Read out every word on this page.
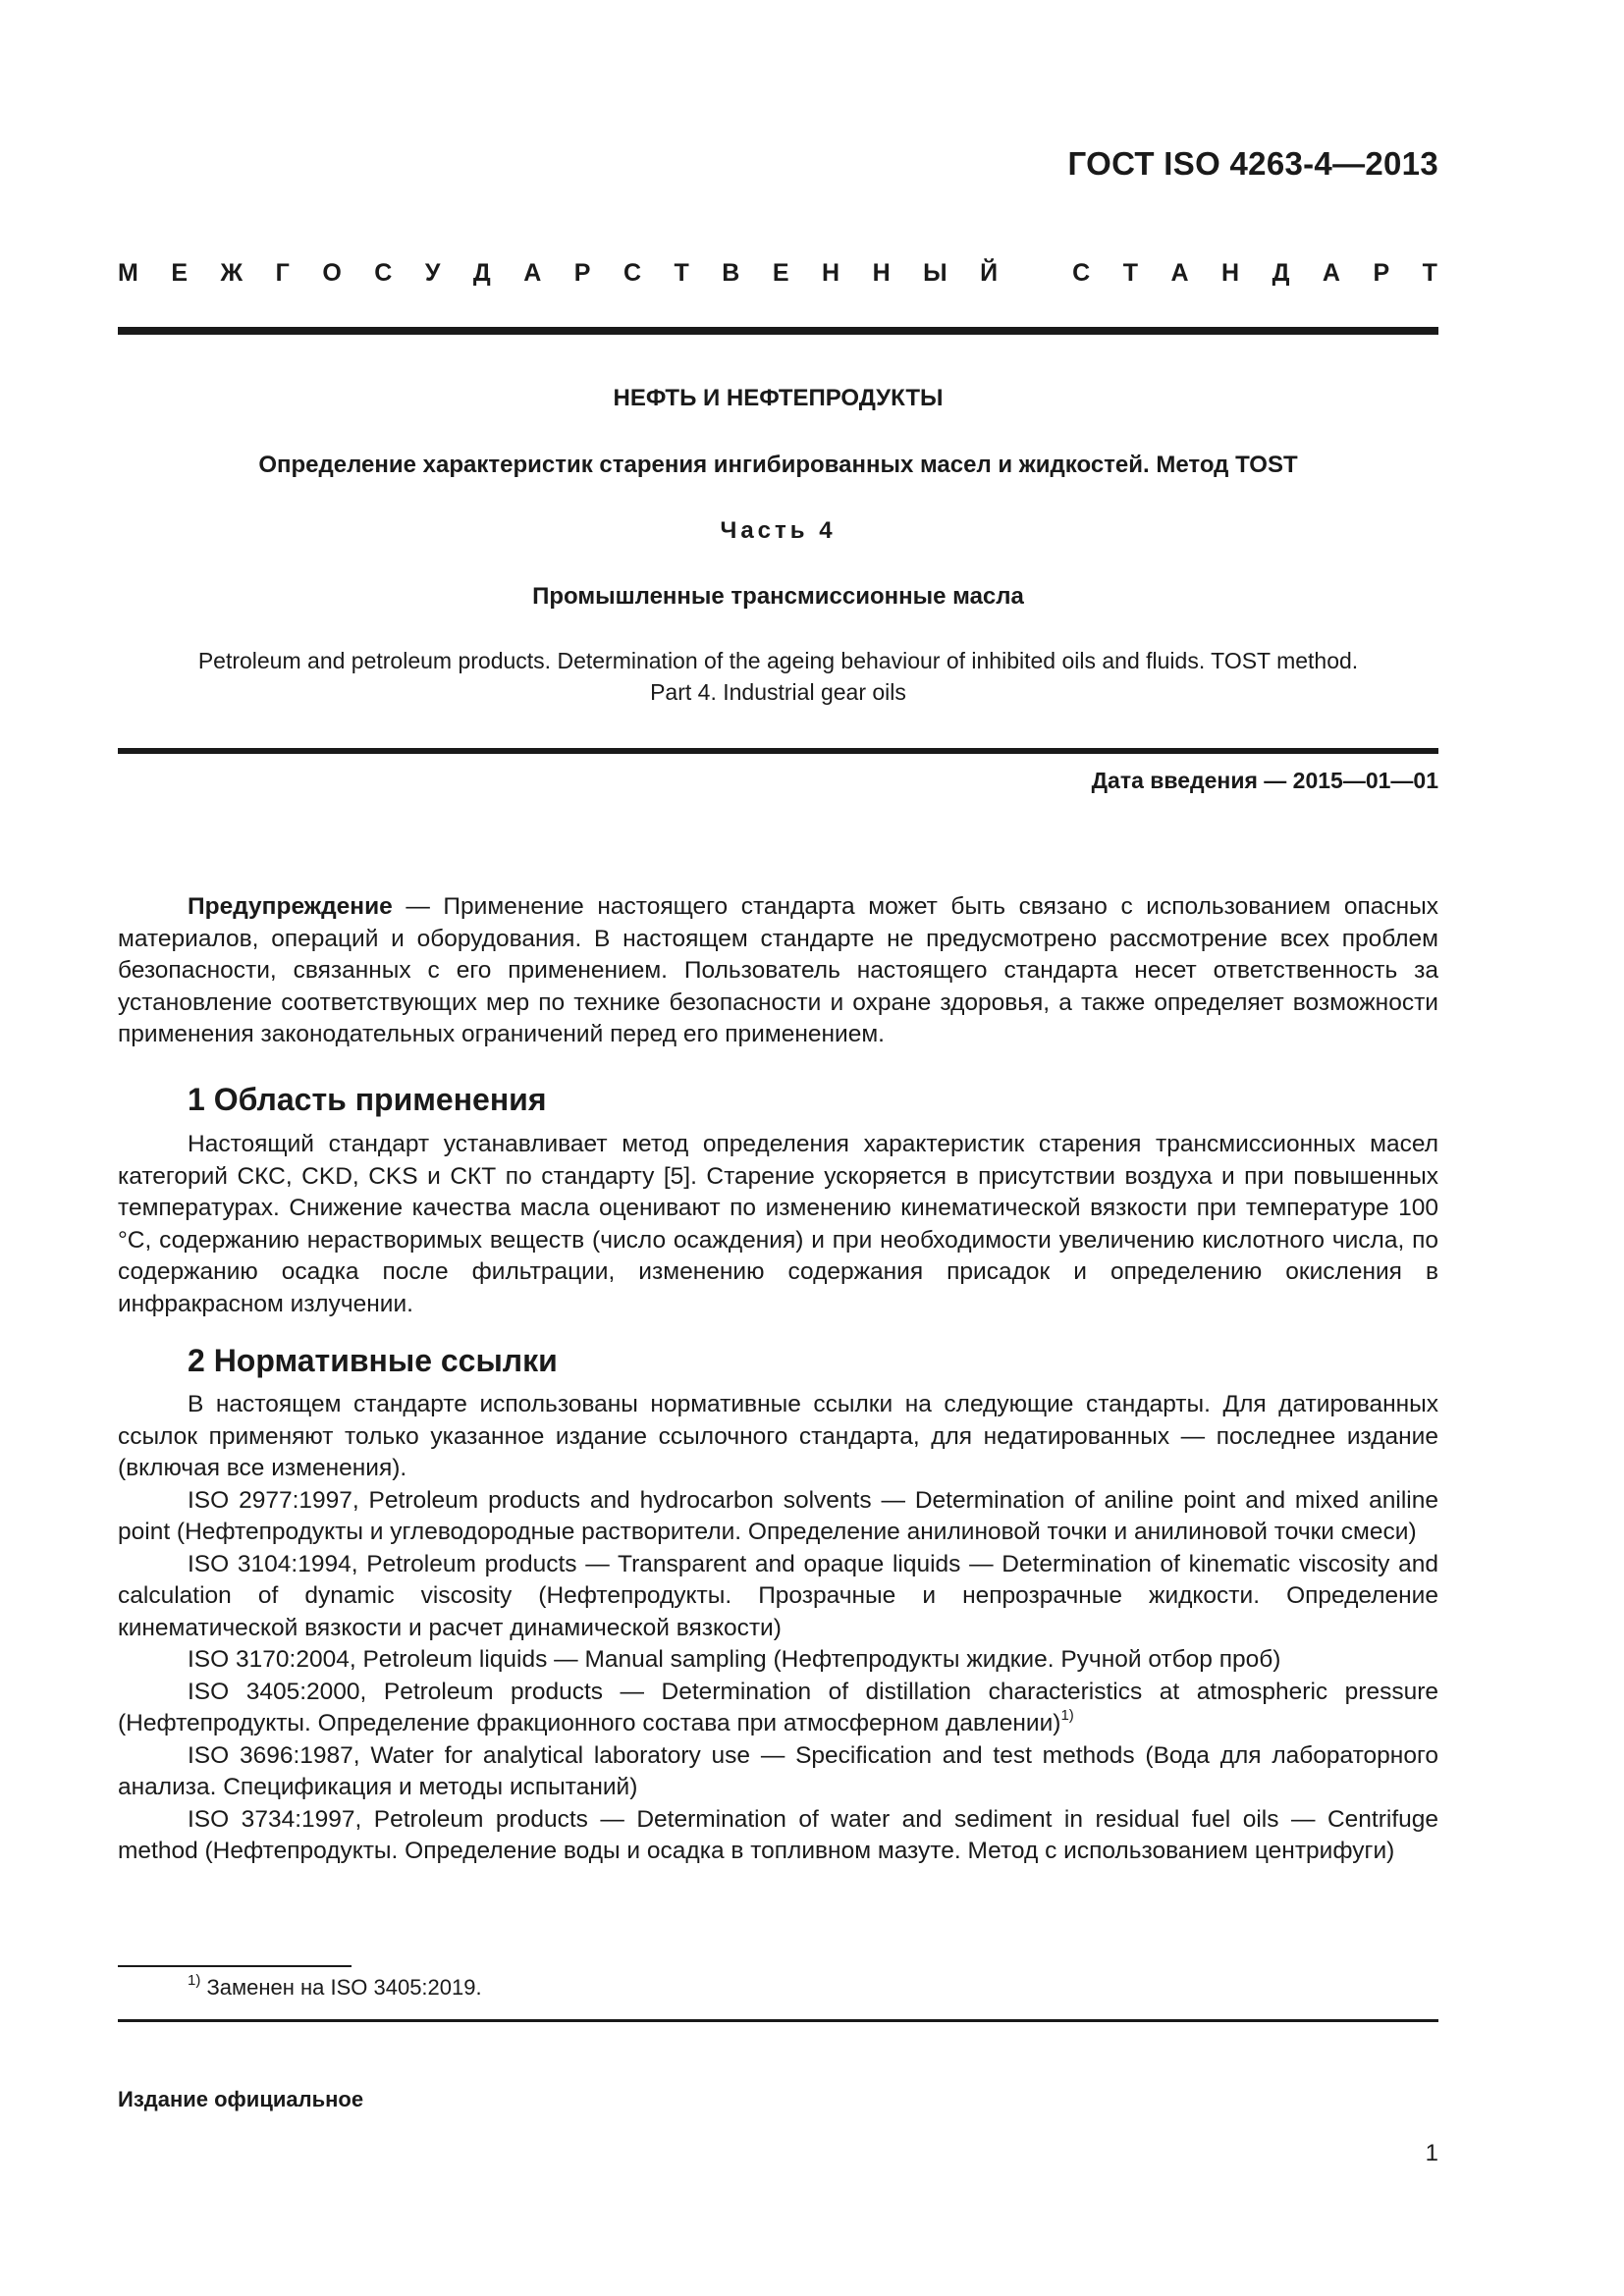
ГОСТ ISO 4263-4—2013
М Е Ж Г О С У Д А Р С Т В Е Н Н Ы Й	С Т А Н Д А Р Т
НЕФТЬ И НЕФТЕПРОДУКТЫ
Определение характеристик старения ингибированных масел и жидкостей. Метод TOST
Часть 4
Промышленные трансмиссионные масла
Petroleum and petroleum products. Determination of the ageing behaviour of inhibited oils and fluids. TOST method.
Part 4. Industrial gear oils
Дата введения — 2015—01—01

Предупреждение — Применение настоящего стандарта может быть связано с использованием опасных материалов, операций и оборудования. В настоящем стандарте не предусмотрено рассмотрение всех проблем безопасности, связанных с его применением. Пользователь настоящего стандарта несет ответственность за установление соответствующих мер по технике безопасности и охране здоровья, а также определяет возможности применения законодательных ограничений перед его применением.

1 Область применения

Настоящий стандарт устанавливает метод определения характеристик старения трансмиссионных масел категорий СКС, CKD, CKS и СКТ по стандарту [5]. Старение ускоряется в присутствии воздуха и при повышенных температурах. Снижение качества масла оценивают по изменению кинематической вязкости при температуре 100 °С, содержанию нерастворимых веществ (число осаждения) и при необходимости увеличению кислотного числа, по содержанию осадка после фильтрации, изменению содержания присадок и определению окисления в инфракрасном излучении.

2 Нормативные ссылки

В настоящем стандарте использованы нормативные ссылки на следующие стандарты. Для датированных ссылок применяют только указанное издание ссылочного стандарта, для недатированных — последнее издание (включая все изменения).

ISO 2977:1997, Petroleum products and hydrocarbon solvents — Determination of aniline point and mixed aniline point (Нефтепродукты и углеводородные растворители. Определение анилиновой точки и анилиновой точки смеси)

ISO 3104:1994, Petroleum products — Transparent and opaque liquids — Determination of kinematic viscosity and calculation of dynamic viscosity (Нефтепродукты. Прозрачные и непрозрачные жидкости. Определение кинематической вязкости и расчет динамической вязкости)

ISO 3170:2004, Petroleum liquids — Manual sampling (Нефтепродукты жидкие. Ручной отбор проб)

ISO 3405:2000, Petroleum products — Determination of distillation characteristics at atmospheric pressure (Нефтепродукты. Определение фракционного состава при атмосферном давлении)$^{1)}$

ISO 3696:1987, Water for analytical laboratory use — Specification and test methods (Вода для лабораторного анализа. Спецификация и методы испытаний)

ISO 3734:1997, Petroleum products — Determination of water and sediment in residual fuel oils — Centrifuge method (Нефтепродукты. Определение воды и осадка в топливном мазуте. Метод с использованием центрифуги)

$^{1)}$ Заменен на ISO 3405:2019.
Издание официальное
1
